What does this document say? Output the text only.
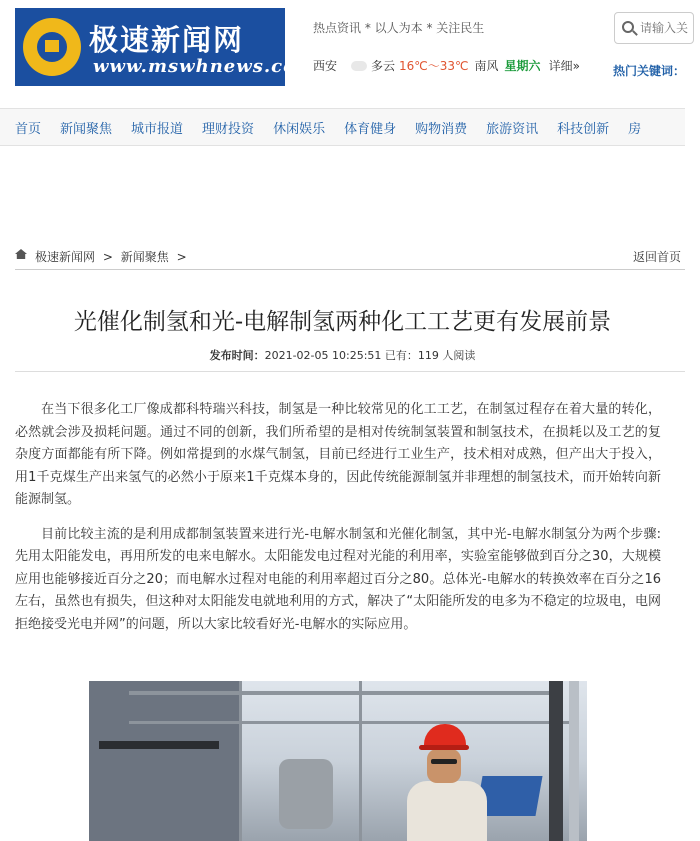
极速新闻网
www.mswhnews.com
热点资讯 * 以人为本 * 关注民生
西安	多云 16℃～33℃ 南风 星期六 详细»
请输入关	热门关键词：
首页 新闻聚焦 城市报道 理财投资 休闲娱乐 体育健身 购物消费 旅游资讯 科技创新 房
极速新闻网 > 新闻聚焦 >	返回首页
光催化制氢和光-电解制氢两种化工工艺更有发展前景
发布时间：2021-02-05 10:25:51 已有：119 人阅读

在当下很多化工厂像成都科特瑞兴科技，制氢是一种比较常见的化工工艺，在制氢过程存在着大量的转化，必然就会涉及损耗问题。通过不同的创新，我们所希望的是相对传统制氢装置和制氢技术，在损耗以及工艺的复杂度方面都能有所下降。例如常提到的水煤气制氢，目前已经进行工业生产，技术相对成熟，但产出大于投入，用1千克煤生产出来氢气的必然小于原来1千克煤本身的，因此传统能源制氢并非理想的制氢技术，而开始转向新能源制氢。

目前比较主流的是利用成都制氢装置来进行光-电解水制氢和光催化制氢，其中光-电解水制氢分为两个步骤: 先用太阳能发电，再用所发的电来电解水。太阳能发电过程对光能的利用率，实验室能够做到百分之30，大规模应用也能够接近百分之20；而电解水过程对电能的利用率超过百分之80。总体光-电解水的转换效率在百分之16左右，虽然也有损失，但这种对太阳能发电就地利用的方式，解决了“太阳能所发的电多为不稳定的垃圾电，电网拒绝接受光电并网”的问题，所以大家比较看好光-电解水的实际应用。
